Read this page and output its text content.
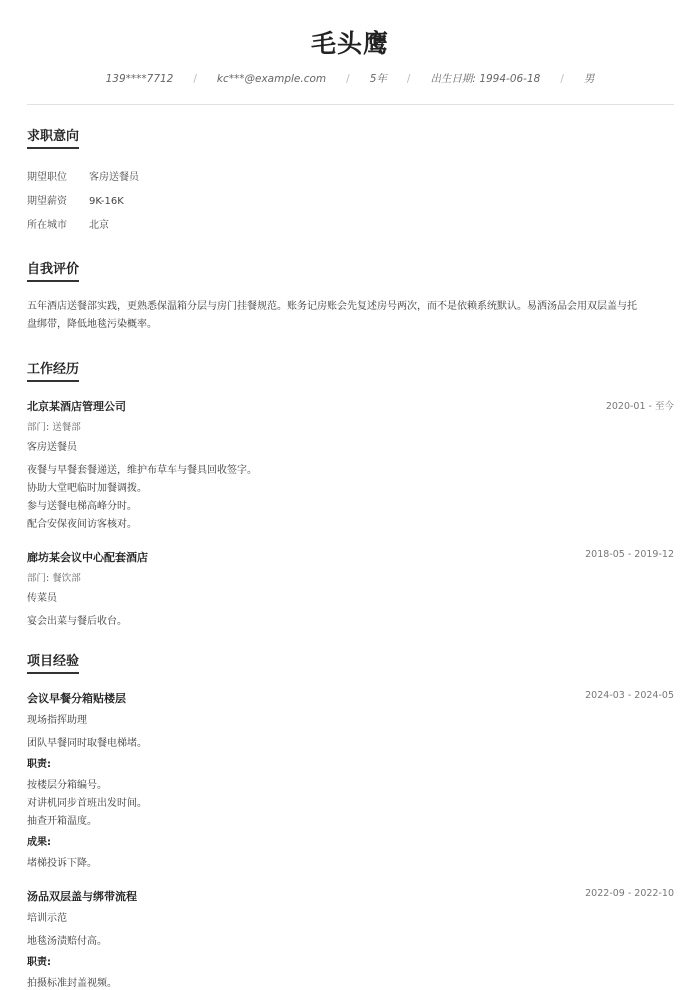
毛头鹰
139****7712 / kc***@example.com / 5年 / 出生日期: 1994-06-18 / 男
求职意向
期望职位 客房送餐员
期望薪资 9K-16K
所在城市 北京
自我评价
五年酒店送餐部实践，更熟悉保温箱分层与房门挂餐规范。账务记房账会先复述房号两次，而不是依赖系统默认。易洒汤品会用双层盖与托
盘绑带，降低地毯污染概率。
工作经历
北京某酒店管理公司	2020-01 - 至今
部门: 送餐部
客房送餐员
夜餐与早餐套餐递送，维护布草车与餐具回收签字。
协助大堂吧临时加餐调拨。
参与送餐电梯高峰分时。
配合安保夜间访客核对。
廊坊某会议中心配套酒店	2018-05 - 2019-12
部门: 餐饮部
传菜员
宴会出菜与餐后收台。
项目经验
会议早餐分箱贴楼层	2024-03 - 2024-05
现场指挥助理
团队早餐同时取餐电梯堵。
职责:
按楼层分箱编号。
对讲机同步首班出发时间。
抽查开箱温度。
成果:
堵梯投诉下降。
汤品双层盖与绑带流程	2022-09 - 2022-10
培训示范
地毯汤渍赔付高。
职责:
拍摄标准封盖视频。
